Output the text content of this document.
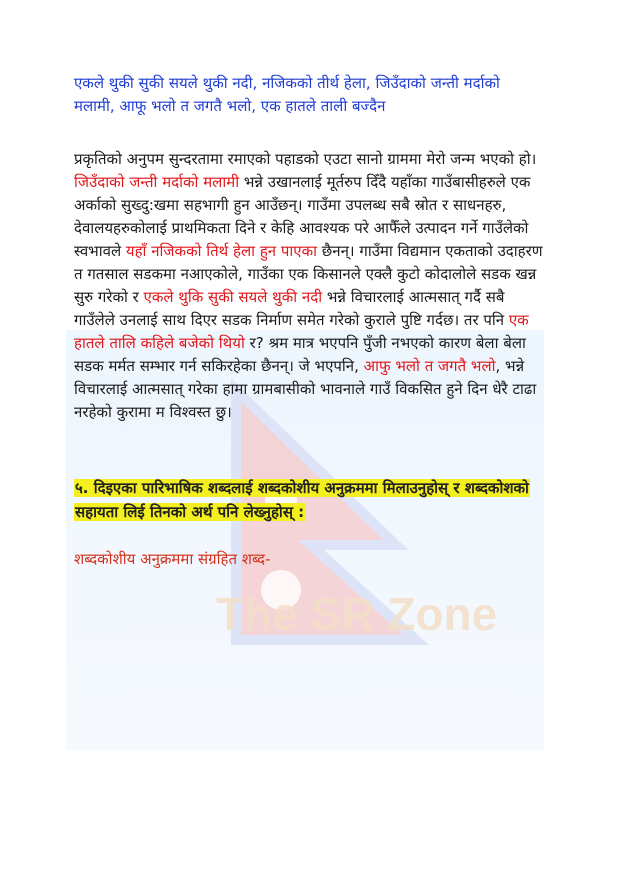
The SR Zone

एकले थुकी सुकी सयले थुकी नदी, नजिकको तीर्थ हेला, जिउँदाको जन्ती मर्दाको मलामी, आफू भलो त जगतै भलो, एक हातले ताली बज्दैन

प्रकृतिको अनुपम सुन्दरतामा रमाएको पहाडको एउटा सानो ग्राममा मेरो जन्म भएको हो। जिउँदाको जन्ती मर्दाको मलामी भन्ने उखानलाई मूर्तरुप दिँदै यहाँका गाउँबासीहरुले एक अर्काको सुख्दु:खमा सहभागी हुन आउँछन्। गाउँमा उपलब्ध सबै स्रोत र साधनहरु, देवालयहरुकोलाई प्राथमिकता दिने र केहि आवश्यक परे आफैँले उत्पादन गर्ने गाउँलेको स्वभावले यहाँ नजिकको तिर्थ हेला हुन पाएका छैनन्। गाउँमा विद्यमान एकताको उदाहरण त गतसाल सडकमा नआएकोले, गाउँका एक किसानले एक्लै कुटो कोदालोले सडक खन्न सुरु गरेको र एकले थुकि सुकी सयले थुकी नदी भन्ने विचारलाई आत्मसात् गर्दै सबै गाउँलेले उनलाई साथ दिएर सडक निर्माण समेत गरेको कुराले पुष्टि गर्दछ। तर पनि एक हातले तालि कहिले बजेको थियो र? श्रम मात्र भएपनि पुँजी नभएको कारण बेला बेला सडक मर्मत सम्भार गर्न सकिरहेका छैनन्। जे भएपनि, आफु भलो त जगतै भलो, भन्ने विचारलाई आत्मसात् गरेका हामा ग्रामबासीको भावनाले गाउँ विकसित हुने दिन धेरै टाढा नरहेको कुरामा म विश्वस्त छु।

५. दिइएका पारिभाषिक शब्दलाई शब्दकोशीय अनुक्रममा मिलाउनुहोस् र शब्दकोशको सहायता लिई तिनको अर्थ पनि लेख्नुहोस् :

शब्दकोशीय अनुक्रममा संग्रहित शब्द-
